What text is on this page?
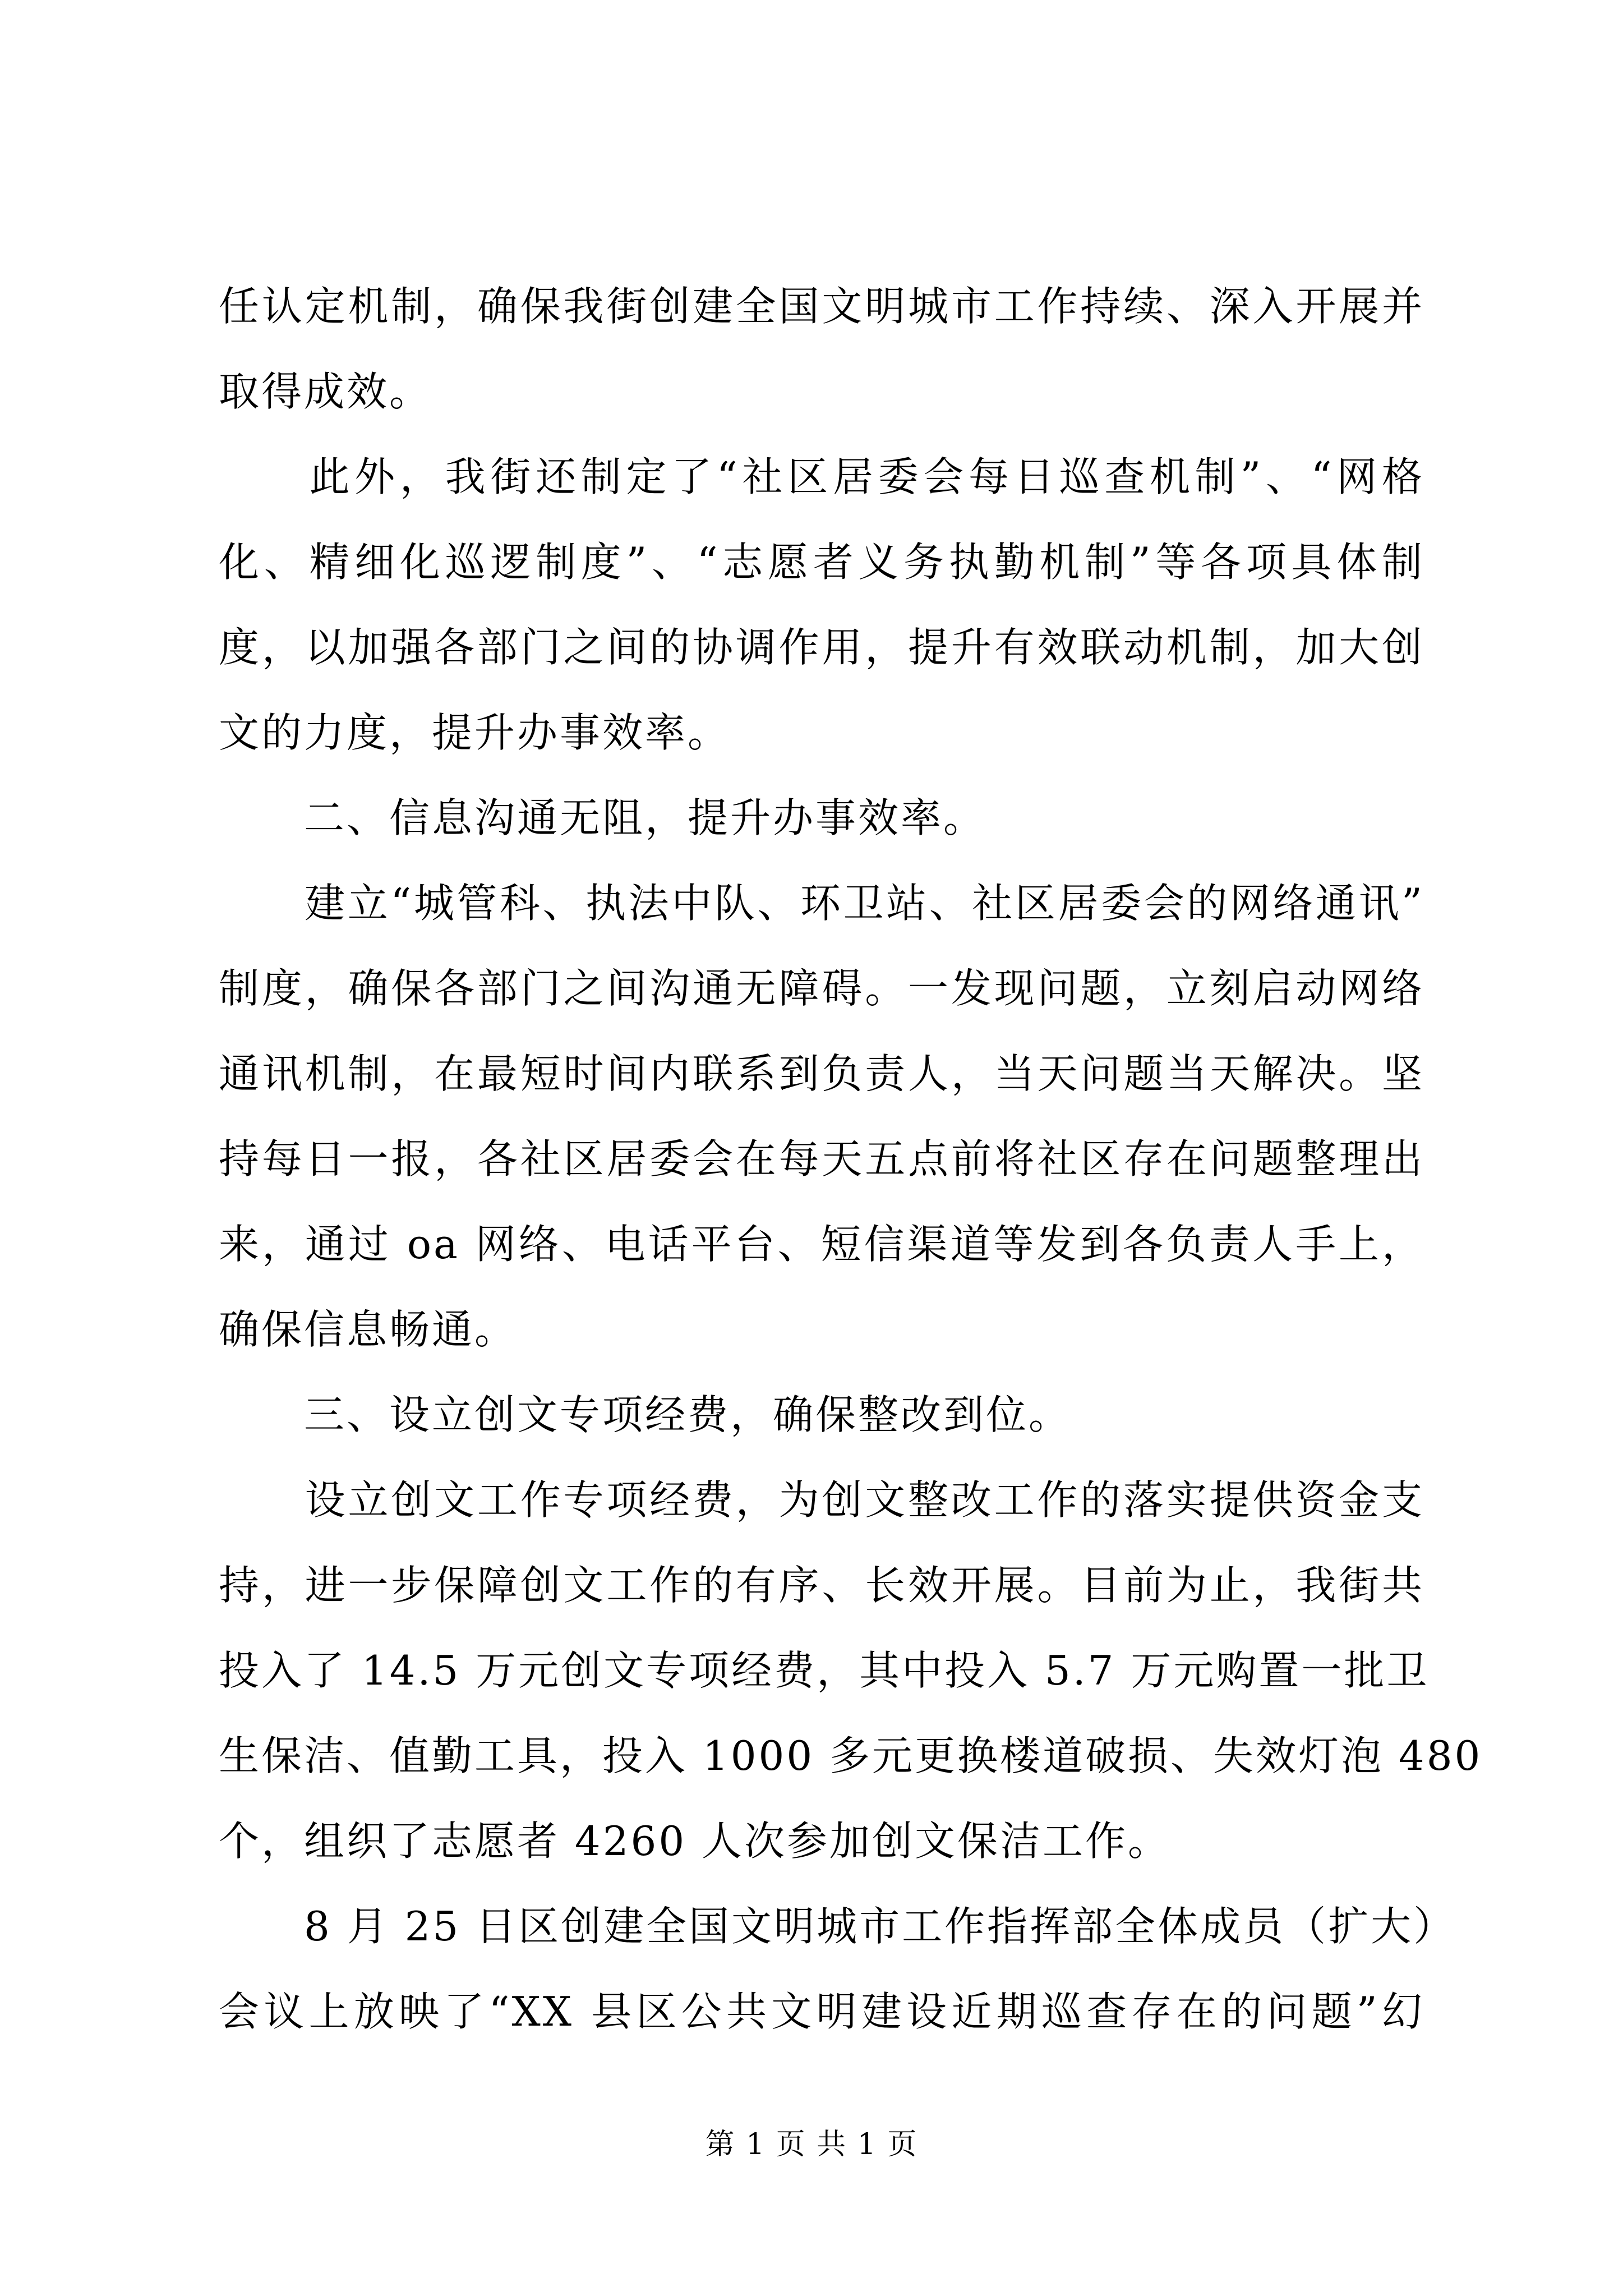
任认定机制，确保我街创建全国文明城市工作持续、深入开展并
取得成效。
　　此外，我街还制定了“社区居委会每日巡查机制”、“网格
化、精细化巡逻制度”、“志愿者义务执勤机制”等各项具体制
度，以加强各部门之间的协调作用，提升有效联动机制，加大创
文的力度，提升办事效率。
　　二、信息沟通无阻，提升办事效率。
　　建立“城管科、执法中队、环卫站、社区居委会的网络通讯”
制度，确保各部门之间沟通无障碍。一发现问题，立刻启动网络
通讯机制，在最短时间内联系到负责人，当天问题当天解决。坚
持每日一报，各社区居委会在每天五点前将社区存在问题整理出
来，通过 oa 网络、电话平台、短信渠道等发到各负责人手上，
确保信息畅通。
　　三、设立创文专项经费，确保整改到位。
　　设立创文工作专项经费，为创文整改工作的落实提供资金支
持，进一步保障创文工作的有序、长效开展。目前为止，我街共
投入了 14.5 万元创文专项经费，其中投入 5.7 万元购置一批卫
生保洁、值勤工具，投入 1000 多元更换楼道破损、失效灯泡 480
个，组织了志愿者 4260 人次参加创文保洁工作。
　　8 月 25 日区创建全国文明城市工作指挥部全体成员（扩大）
会议上放映了“XX 县区公共文明建设近期巡查存在的问题”幻
第 1 页 共 1 页
